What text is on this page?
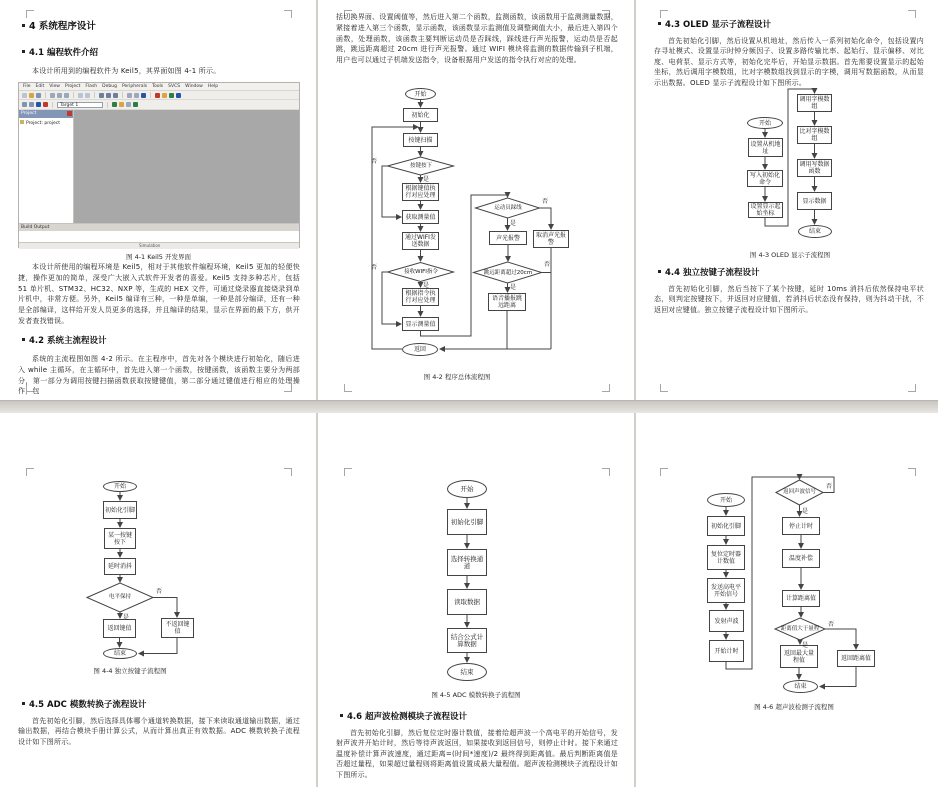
4 系统程序设计
4.1 编程软件介绍
本设计所用到的编程软件为 Keil5，其界面如图 4-1 所示。
File Edit View Project Flash Debug Peripherals Tools SVCS Window Help
Target 1
Project
Project: project
Build Output
Simulation
图 4-1 Keil5 开发界面
本设计所使用的编程环境是 Keil5，相对于其他软件编程环境，Keil5 更加的轻便快捷，操作更加的简单，深受广大嵌入式软件开发者的喜爱。Keil5 支持多种芯片，包括 51 单片机、STM32、HC32、NXP 等，生成的 HEX 文件，可通过烧录器直接烧录到单片机中，非常方便。另外，Keil5 编译有三种，一种是单编，一种是部分编译，还有一种是全部编译，这样给开发人员更多的选择，并且编译的结果，显示在界面的最下方，供开发者查找错误。
4.2 系统主流程设计
系统的主流程图如图 4-2 所示。在主程序中，首先对各个模块进行初始化，随后进入 while 主循环，在主循环中，首先进入第一个函数，按键函数，该函数主要分为两部分，第一部分为调用按键扫描函数获取按键键值，第二部分通过键值进行相应的处理操作，包
括切换界面、设置阈值等，然后进入第二个函数，监测函数，该函数用于监测测量数据，紧接着进入第三个函数，显示函数，该函数显示监测值及调整阈值大小，最后进入第四个函数，处理函数，该函数主要判断运动员是否踩线，踩线进行声光报警，运动员是否起跳，跳远距离超过 20cm 进行声光报警。通过 WIFI 模块将监测的数据传输到子机端，用户也可以通过子机端发送指令，设备根据用户发送的指令执行对应的处理。
开始
初始化
按键扫描
按键按下
根据键值执行对应处理
获取测量值
通过WIFI发送数据
接收WIFI指令
根据指令执行对应处理
显示测量值
返回
运动员踩线
声光报警	取消声光报警
跳远距离超过20cm
语音播报跳远距离
否
是
否
是
否
是
否
是
图 4-2 程序总体流程图
4.3 OLED 显示子流程设计
首先初始化引脚，然后设置从机地址，然后传入一系列初始化命令，包括设置内存寻址模式、设置显示时钟分频因子、设置多路传输比率、起始行、显示偏移、对比度、电荷泵、显示方式等，初始化完毕后，开始显示数据。首先需要设置显示的起始坐标，然后调用字模数组，比对字模数组找到显示的字模，调用写数据函数，从而显示出数据。OLED 显示子流程设计如下图所示。
开始
设置从机地址
写入初始化命令
设置显示起始坐标
调用字模数组
比对字模数组
调用写数据函数
显示数据
结束
图 4-3 OLED 显示子流程图
4.4 独立按键子流程设计
首先初始化引脚，然后当按下了某个按键，延时 10ms 消抖后依然保持电平状态，则判定按键按下，并返回对应键值，若消抖后状态没有保持，则为抖动干扰，不返回对应键值。独立按键子流程设计如下图所示。
开始
初始化引脚
某一按键按下
延时消抖
电平保持
返回键值
不返回键值
结束
否
是
图 4-4 独立按键子流程图
4.5 ADC 模数转换子流程设计
首先初始化引脚，然后选择具体哪个通道转换数据，接下来读取通道输出数据，通过输出数据，再结合模块手册计算公式，从而计算出真正有效数据。ADC 模数转换子流程设计如下图所示。
开始
初始化引脚
选择转换通道
读取数据
结合公式计算数据
结束
图 4-5 ADC 模数转换子流程图
4.6 超声波检测模块子流程设计
首先初始化引脚，然后复位定时器计数值，接着给超声波一个高电平的开始信号，发射声波并开始计时，然后等待声波返回，如果接收到返回信号，则停止计时。接下来通过温度补偿计算声波速度，通过距离=(时间*速度)/2 最终得到距离值。最后判断距离值是否超过量程，如果超过量程则将距离值设置成最大量程值。超声波检测模块子流程设计如下图所示。
开始
初始化引脚
复位定时器计数值
发送高电平开始信号
发射声波
开始计时
返回声波信号
停止计时
温度补偿
计算距离值
距离值大于量程
返回最大量程值	返回距离值
结束
否
是
否
是
图 4-6 超声波检测子流程图
